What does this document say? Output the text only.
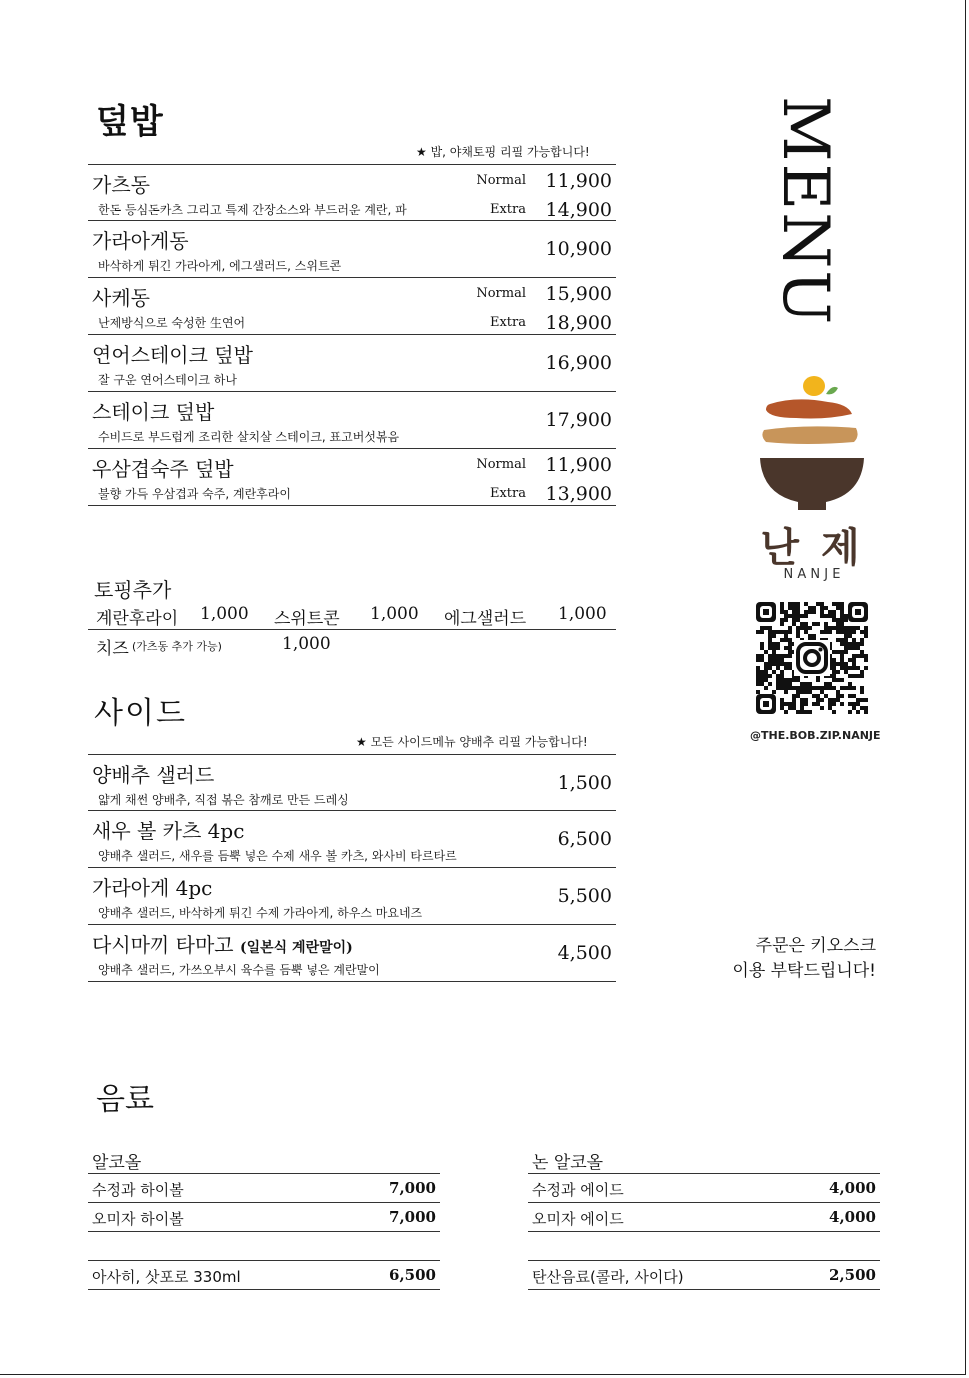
덮밥
★ 밥, 야채토핑 리필 가능합니다!
가츠동
한돈 등심돈카츠 그리고 특제 간장소스와 부드러운 계란, 파
Normal 11,900
Extra 14,900
가라아게동
바삭하게 튀긴 가라아게, 에그샐러드, 스위트콘
10,900
사케동
난제방식으로 숙성한 生연어
Normal 15,900
Extra 18,900
연어스테이크 덮밥
잘 구운 연어스테이크 하나
16,900
스테이크 덮밥
수비드로 부드럽게 조리한 살치살 스테이크, 표고버섯볶음
17,900
우삼겹숙주 덮밥
불향 가득 우삼겹과 숙주, 계란후라이
Normal 11,900
Extra 13,900
토핑추가
계란후라이 1,000 스위트콘 1,000 에그샐러드 1,000
치즈 (가츠동 추가 가능)	1,000
사이드
★ 모든 사이드메뉴 양배추 리필 가능합니다!
양배추 샐러드
얇게 채썬 양배추, 직접 볶은 참깨로 만든 드레싱
1,500
새우 볼 카츠 4pc
양배추 샐러드, 새우를 듬뿍 넣은 수제 새우 볼 카츠, 와사비 타르타르
6,500
가라아게 4pc
양배추 샐러드, 바삭하게 튀긴 수제 가라아게, 하우스 마요네즈
5,500
다시마끼 타마고 (일본식 계란말이)
양배추 샐러드, 가쓰오부시 육수를 듬뿍 넣은 계란말이
4,500
음료
알코올
수정과 하이볼	7,000
오미자 하이볼	7,000
아사히, 삿포로 330ml	6,500
논 알코올
수정과 에이드	4,000
오미자 에이드	4,000
탄산음료(콜라, 사이다)	2,500
MENU
난 제
N A N J E
@THE.BOB.ZIP.NANJE
주문은 키오스크
이용 부탁드립니다!
